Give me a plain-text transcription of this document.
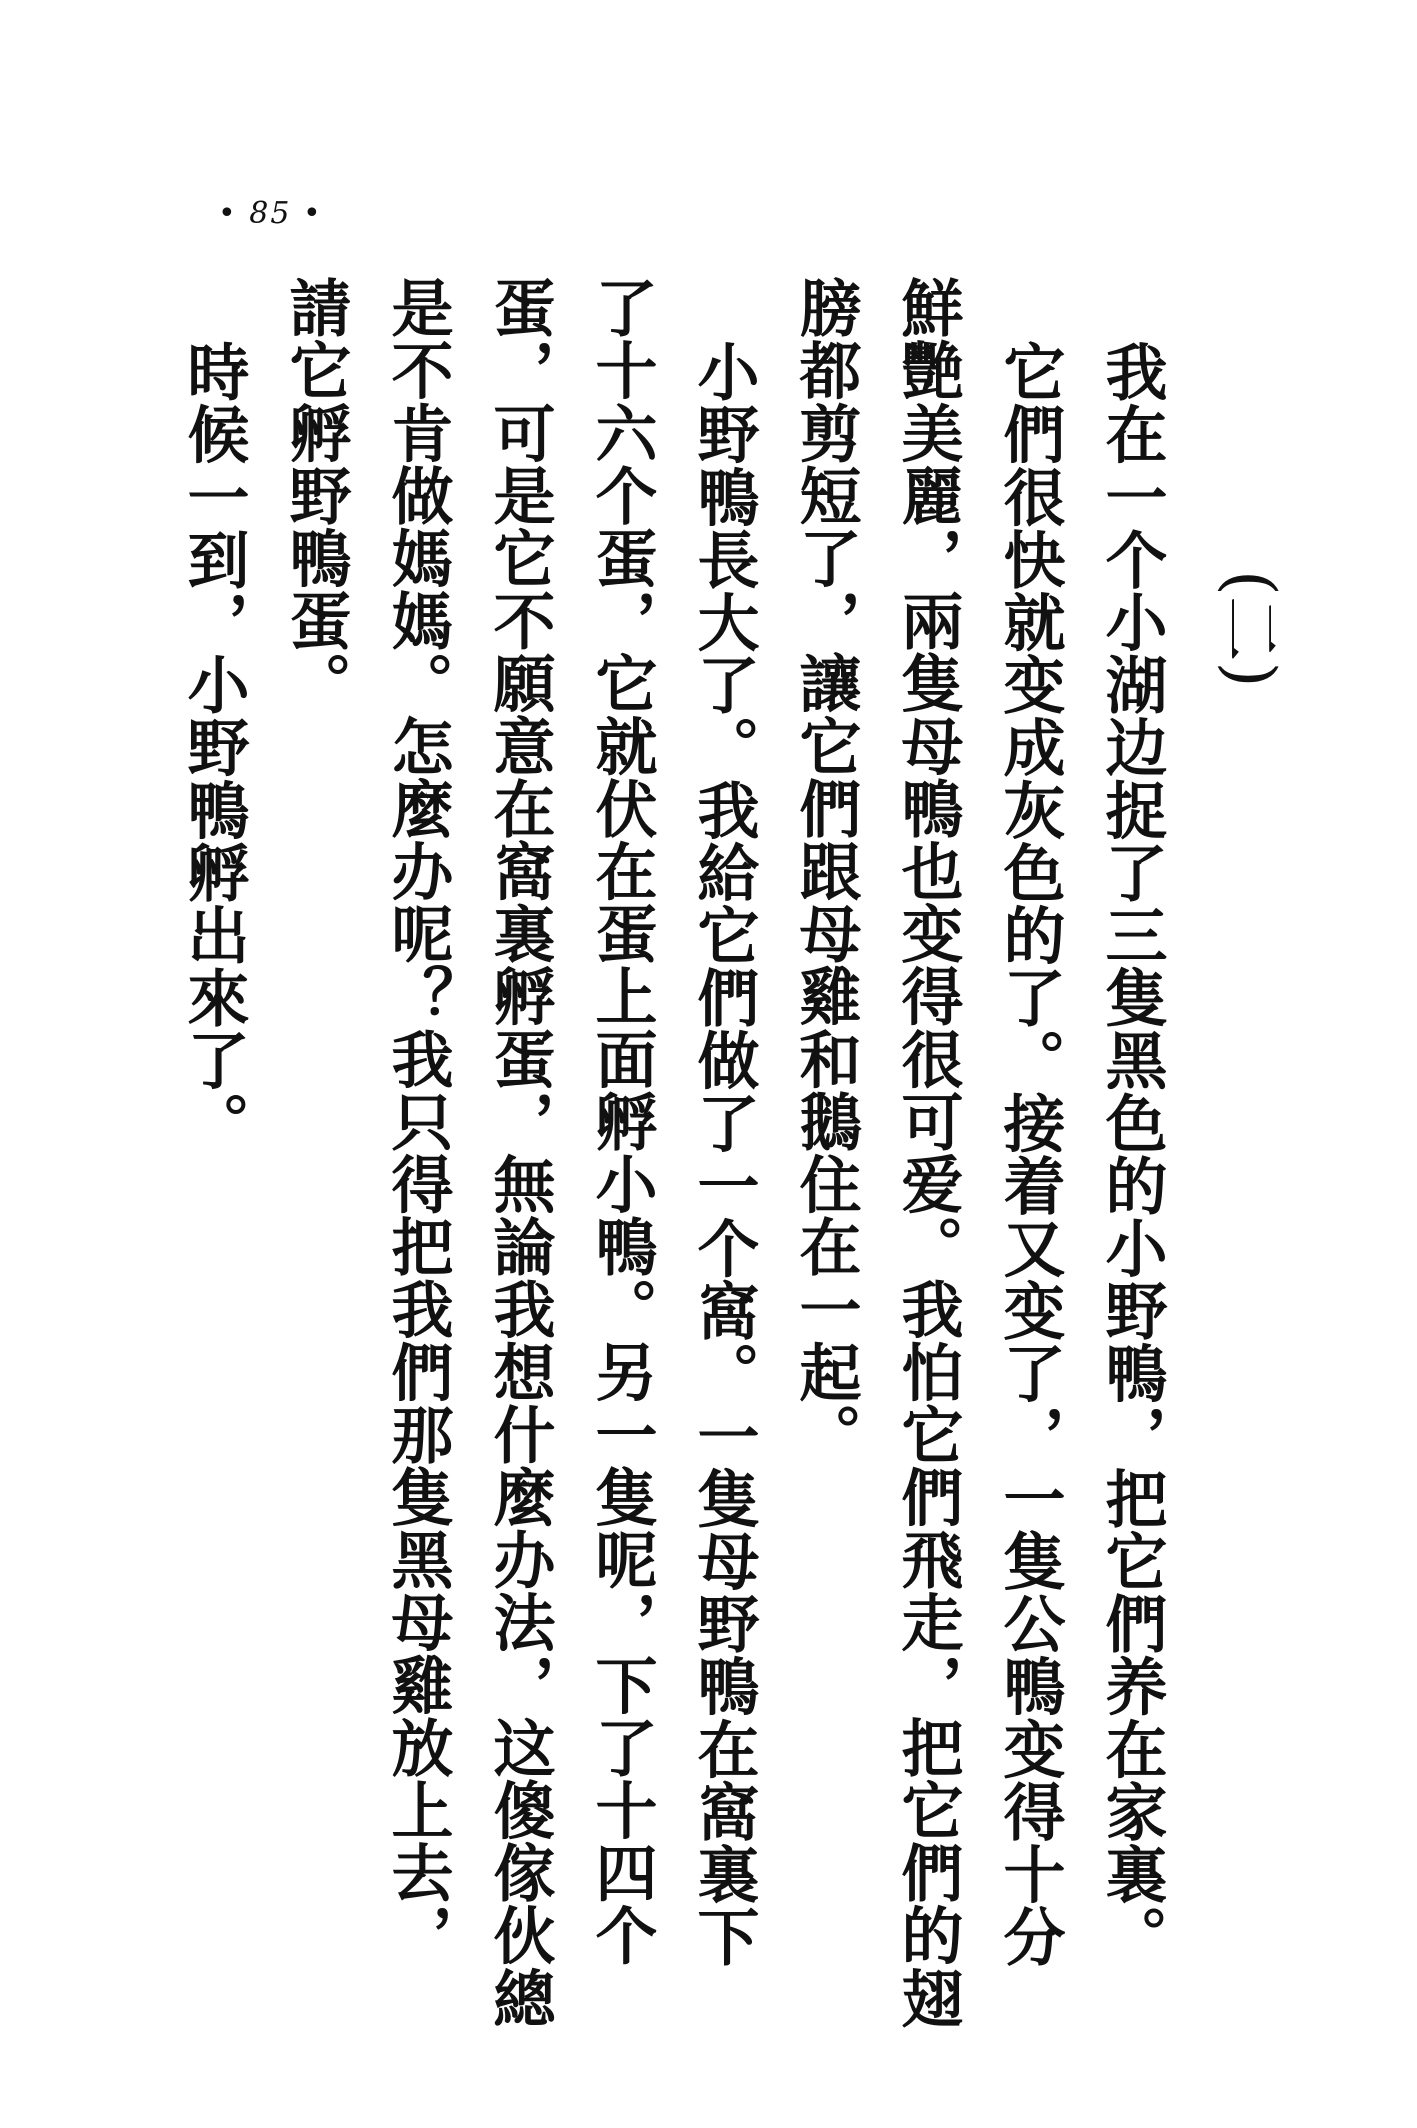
(二)
我在一个小湖边捉了三隻黑色的小野鴨，把它們养在家裏。
它們很快就变成灰色的了。接着又变了，一隻公鴨变得十分
鮮艷美麗，兩隻母鴨也变得很可爱。我怕它們飛走，把它們的翅
膀都剪短了，讓它們跟母雞和鵝住在一起。
小野鴨長大了。我給它們做了一个窩。一隻母野鴨在窩裏下
了十六个蛋，它就伏在蛋上面孵小鴨。另一隻呢，下了十四个
蛋，可是它不願意在窩裏孵蛋，無論我想什麼办法，这傻傢伙總
是不肯做媽媽。怎麼办呢？我只得把我們那隻黑母雞放上去，
請它孵野鴨蛋。
時候一到，小野鴨孵出來了。
• 85 •
